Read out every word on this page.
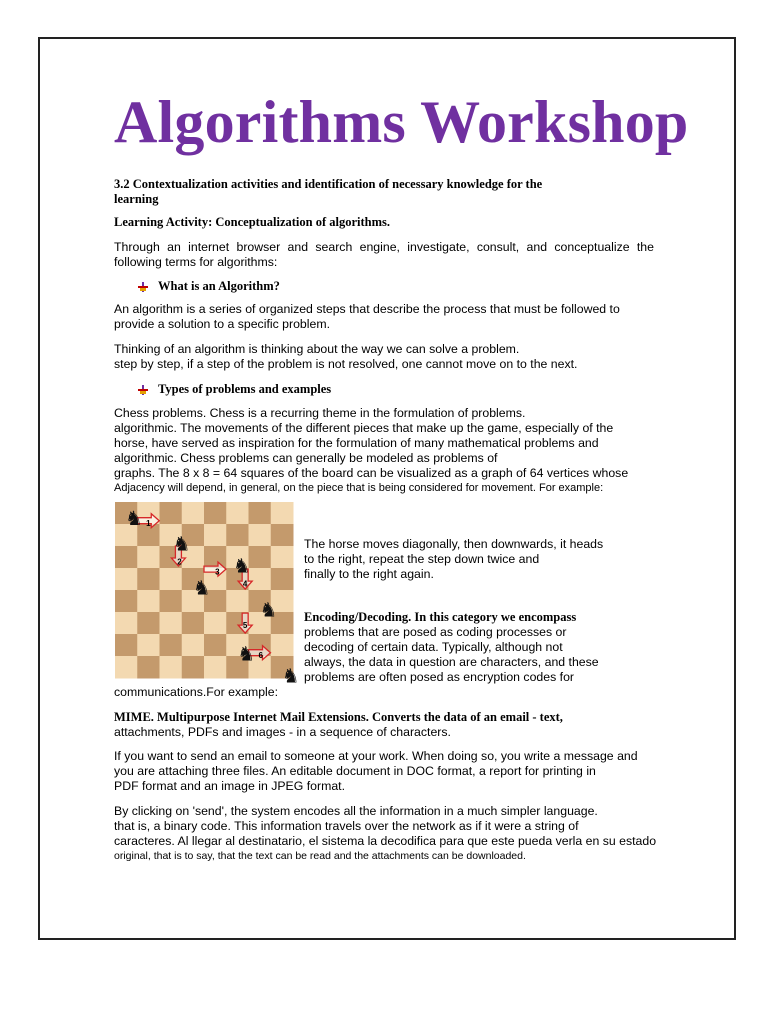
Algorithms Workshop
3.2 Contextualization activities and identification of necessary knowledge for the
learning
Learning Activity: Conceptualization of algorithms.
Through an internet browser and search engine, investigate, consult, and conceptualize the following terms for algorithms:
What is an Algorithm?
An algorithm is a series of organized steps that describe the process that must be followed to
provide a solution to a specific problem.
Thinking of an algorithm is thinking about the way we can solve a problem.
step by step, if a step of the problem is not resolved, one cannot move on to the next.
Types of problems and examples
Chess problems. Chess is a recurring theme in the formulation of problems.
algorithmic. The movements of the different pieces that make up the game, especially of the
horse, have served as inspiration for the formulation of many mathematical problems and
algorithmic. Chess problems can generally be modeled as problems of
graphs. The 8 x 8 = 64 squares of the board can be visualized as a graph of 64 vertices whose
Adjacency will depend, in general, on the piece that is being considered for movement. For example:
1
2
3
4
5
6
♞
♞
♞
♞
♞
♞
♞
The horse moves diagonally, then downwards, it heads
to the right, repeat the step down twice and
finally to the right again.
Encoding/Decoding. In this category we encompass
problems that are posed as coding processes or
decoding of certain data. Typically, although not
always, the data in question are characters, and these
problems are often posed as encryption codes for
communications.For example:
MIME. Multipurpose Internet Mail Extensions. Converts the data of an email - text,
attachments, PDFs and images - in a sequence of characters.
If you want to send an email to someone at your work. When doing so, you write a message and
you are attaching three files. An editable document in DOC format, a report for printing in
PDF format and an image in JPEG format.
By clicking on 'send', the system encodes all the information in a much simpler language.
that is, a binary code. This information travels over the network as if it were a string of
caracteres. Al llegar al destinatario, el sistema la decodifica para que este pueda verla en su estado
original, that is to say, that the text can be read and the attachments can be downloaded.
